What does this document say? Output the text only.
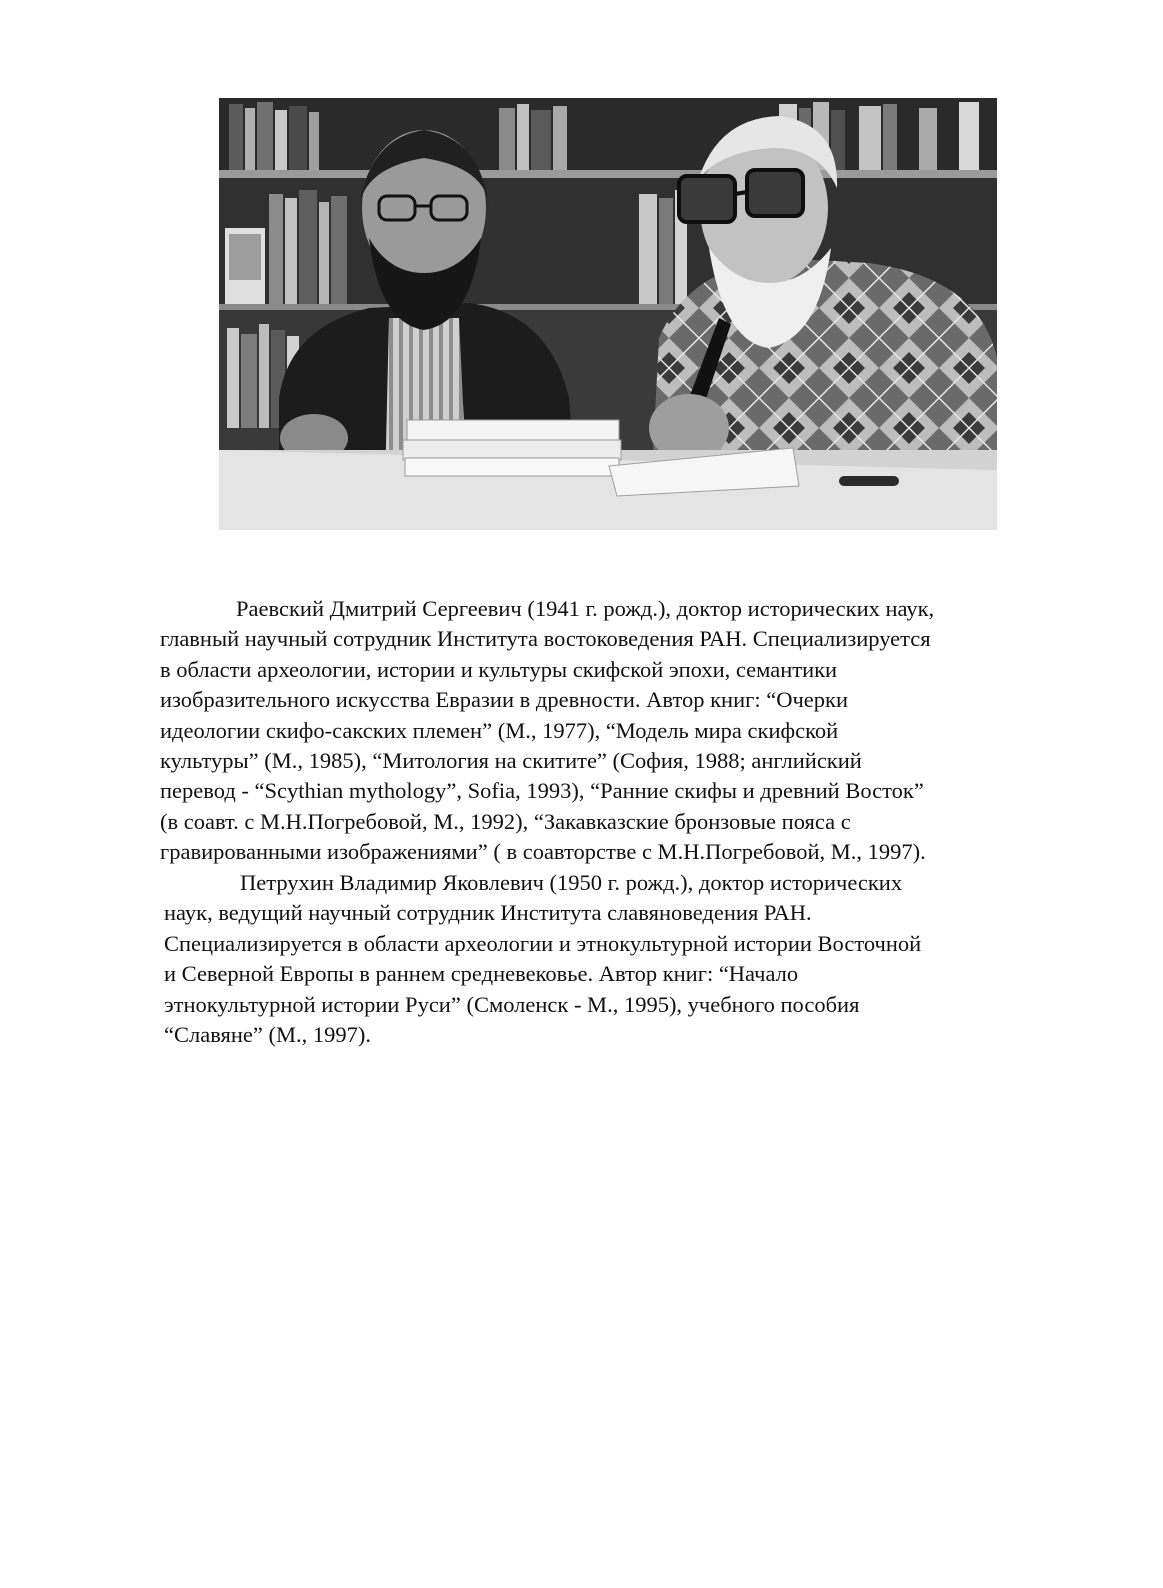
Раевский Дмитрий Сергеевич (1941 г. рожд.), доктор исторических наук,
главный научный сотрудник Института востоковедения РАН. Специализируется
в области археологии, истории и культуры скифской эпохи, семантики
изобразительного искусства Евразии в древности. Автор книг: “Очерки
идеологии скифо-сакских племен” (М., 1977), “Модель мира скифской
культуры” (М., 1985), “Митология на скитите” (София, 1988; английский
перевод - “Scythian mythology”, Sofia, 1993), “Ранние скифы и древний Восток”
(в соавт. с М.Н.Погребовой, М., 1992), “Закавказские бронзовые пояса с
гравированными изображениями” ( в соавторстве с М.Н.Погребовой, М., 1997).

Петрухин Владимир Яковлевич (1950 г. рожд.), доктор исторических
наук, ведущий научный сотрудник Института славяноведения РАН.
Специализируется в области археологии и этнокультурной истории Восточной
и Северной Европы в раннем средневековье. Автор книг: “Начало
этнокультурной истории Руси” (Смоленск - М., 1995), учебного пособия
“Славяне” (М., 1997).
